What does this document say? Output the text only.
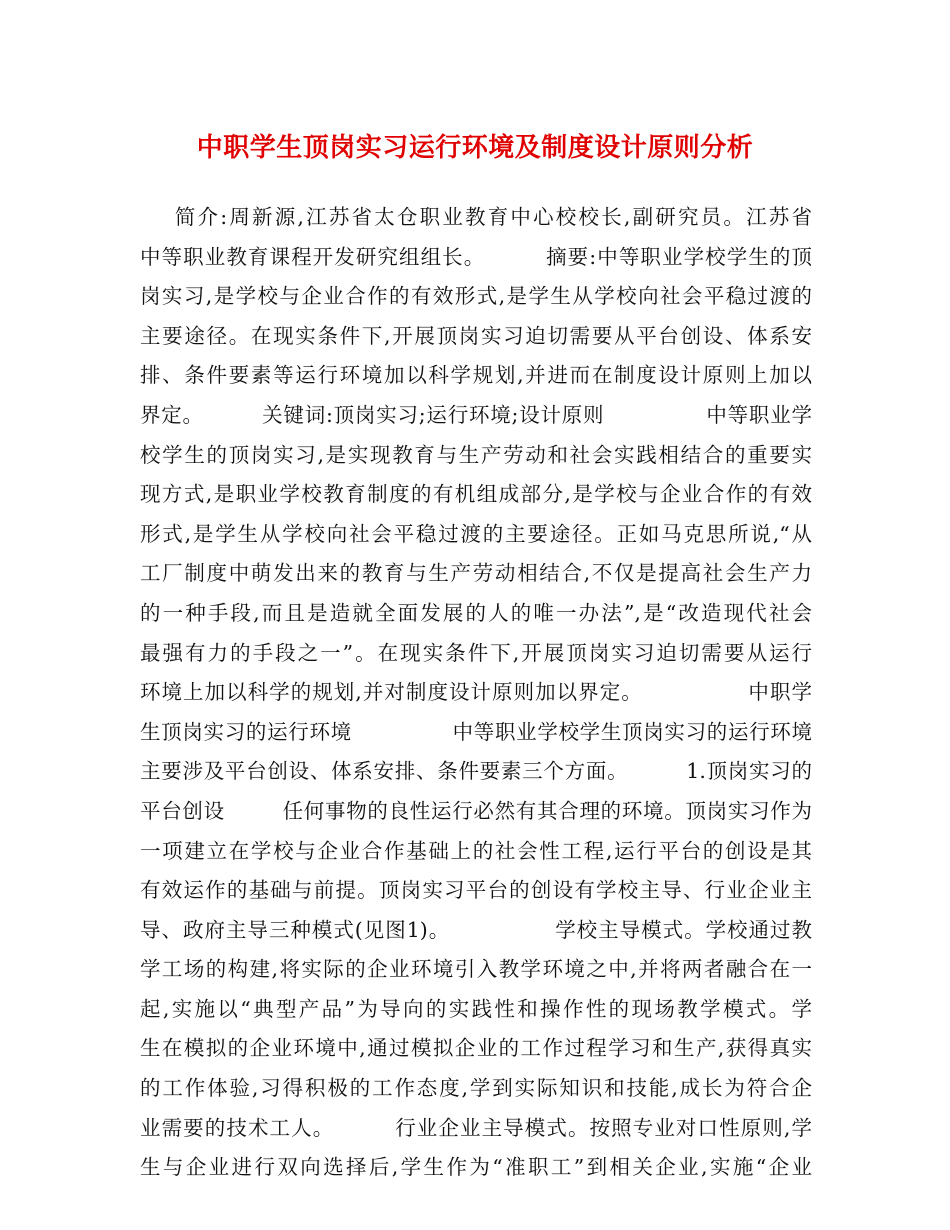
中职学生顶岗实习运行环境及制度设计原则分析
简介:周新源,江苏省太仓职业教育中心校校长,副研究员。江苏省
中等职业教育课程开发研究组组长。        摘要:中等职业学校学生的顶
岗实习,是学校与企业合作的有效形式,是学生从学校向社会平稳过渡的
主要途径。在现实条件下,开展顶岗实习迫切需要从平台创设、体系安
排、条件要素等运行环境加以科学规划,并进而在制度设计原则上加以
界定。        关键词:顶岗实习;运行环境;设计原则              中等职业学
校学生的顶岗实习,是实现教育与生产劳动和社会实践相结合的重要实
现方式,是职业学校教育制度的有机组成部分,是学校与企业合作的有效
形式,是学生从学校向社会平稳过渡的主要途径。正如马克思所说,“从
工厂制度中萌发出来的教育与生产劳动相结合,不仅是提高社会生产力
的一种手段,而且是造就全面发展的人的唯一办法”,是“改造现代社会
最强有力的手段之一”。在现实条件下,开展顶岗实习迫切需要从运行
环境上加以科学的规划,并对制度设计原则加以界定。              中职学
生顶岗实习的运行环境              中等职业学校学生顶岗实习的运行环境
主要涉及平台创设、体系安排、条件要素三个方面。        1.顶岗实习的
平台创设        任何事物的良性运行必然有其合理的环境。顶岗实习作为
一项建立在学校与企业合作基础上的社会性工程,运行平台的创设是其
有效运作的基础与前提。顶岗实习平台的创设有学校主导、行业企业主
导、政府主导三种模式(见图1)。              学校主导模式。学校通过教
学工场的构建,将实际的企业环境引入教学环境之中,并将两者融合在一
起,实施以“典型产品”为导向的实践性和操作性的现场教学模式。学
生在模拟的企业环境中,通过模拟企业的工作过程学习和生产,获得真实
的工作体验,习得积极的工作态度,学到实际知识和技能,成长为符合企
业需要的技术工人。        行业企业主导模式。按照专业对口性原则,学
生与企业进行双向选择后,学生作为“准职工”到相关企业,实施“企业
